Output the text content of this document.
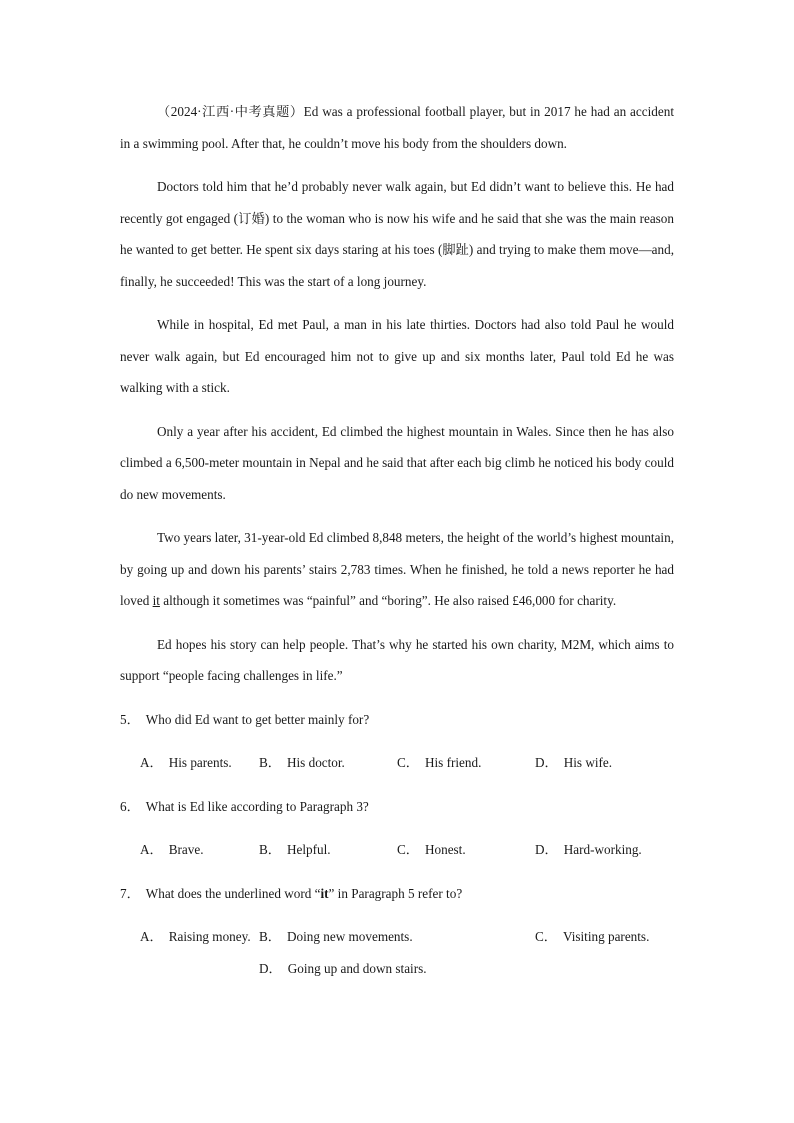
（2024·江西·中考真题）Ed was a professional football player, but in 2017 he had an accident in a swimming pool. After that, he couldn’t move his body from the shoulders down.

Doctors told him that he’d probably never walk again, but Ed didn’t want to believe this. He had recently got engaged (订婚) to the woman who is now his wife and he said that she was the main reason he wanted to get better. He spent six days staring at his toes (脚趾) and trying to make them move—and, finally, he succeeded! This was the start of a long journey.

While in hospital, Ed met Paul, a man in his late thirties. Doctors had also told Paul he would never walk again, but Ed encouraged him not to give up and six months later, Paul told Ed he was walking with a stick.

Only a year after his accident, Ed climbed the highest mountain in Wales. Since then he has also climbed a 6,500-meter mountain in Nepal and he said that after each big climb he noticed his body could do new movements.

Two years later, 31-year-old Ed climbed 8,848 meters, the height of the world’s highest mountain, by going up and down his parents’ stairs 2,783 times. When he finished, he told a news reporter he had loved it although it sometimes was “painful” and “boring”. He also raised £46,000 for charity.

Ed hopes his story can help people. That’s why he started his own charity, M2M, which aims to support “people facing challenges in life.”

5． Who did Ed want to get better mainly for?
A． His parents. B． His doctor.	C． His friend.	D． His wife.
6． What is Ed like according to Paragraph 3?
A． Brave.	B． Helpful.	C． Honest.	D． Hard-working.
7． What does the underlined word “it” in Paragraph 5 refer to?
A． Raising money. B． Doing new movements.	C． Visiting parents.
D． Going up and down stairs.
